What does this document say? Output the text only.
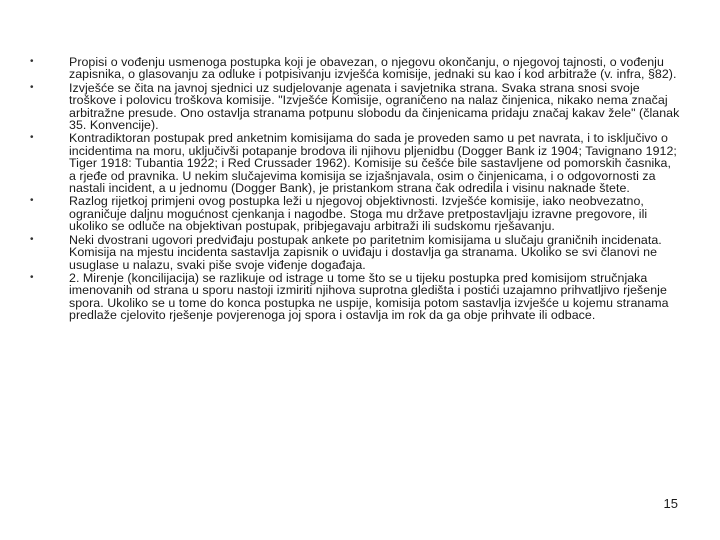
•	Propisi o vođenju usmenoga postupka koji je obavezan, o njegovu okončanju, o njegovoj tajnosti, o vođenju zapisnika, o glasovanju za odluke i potpisivanju izvješća komisije, jednaki su kao i kod arbitraže (v. infra, §82).
•	Izvješće se čita na javnoj sjednici uz sudjelovanje agenata i savjetnika strana. Svaka strana snosi svoje troškove i polovicu troškova komisije. "Izvješće Komisije, ograničeno na nalaz činjenica, nikako nema značaj arbitražne presude. Ono ostavlja stranama potpunu slobodu da činjenicama pridaju značaj kakav žele" (članak 35. Konvencije).
•	Kontradiktoran postupak pred anketnim komisijama do sada je proveden samo u pet navrata, i to isključivo o incidentima na moru, uključivši potapanje brodova ili njihovu pljenidbu (Dogger Bank iz 1904; Tavignano 1912; Tiger 1918: Tubantia 1922; i Red Crussader 1962). Komisije su češće bile sastavljene od pomorskih časnika, a rjeđe od pravnika. U nekim slučajevima komisija se izjašnjavala, osim o činjenicama, i o odgovornosti za nastali incident, a u jednomu (Dogger Bank), je pristankom strana čak odredila i visinu naknade štete.
•	Razlog rijetkoj primjeni ovog postupka leži u njegovoj objektivnosti. Izvješće komisije, iako neobvezatno, ograničuje daljnu mogućnost cjenkanja i nagodbe. Stoga mu države pretpostavljaju izravne pregovore, ili ukoliko se odluče na objektivan postupak, pribjegavaju arbitraži ili sudskomu rješavanju.
•	Neki dvostrani ugovori predviđaju postupak ankete po paritetnim komisijama u slučaju graničnih incidenata. Komisija na mjestu incidenta sastavlja zapisnik o uviđaju i dostavlja ga stranama. Ukoliko se svi članovi ne usuglase u nalazu, svaki piše svoje viđenje događaja.
•	2. Mirenje (koncilijacija) se razlikuje od istrage u tome što se u tijeku postupka pred komisijom stručnjaka imenovanih od strana u sporu nastoji izmiriti njihova suprotna gledišta i postići uzajamno prihvatljivo rješenje spora. Ukoliko se u tome do konca postupka ne uspije, komisija potom sastavlja izvješće u kojemu stranama predlaže cjelovito rješenje povjerenoga joj spora i ostavlja im rok da ga obje prihvate ili odbace.
15
